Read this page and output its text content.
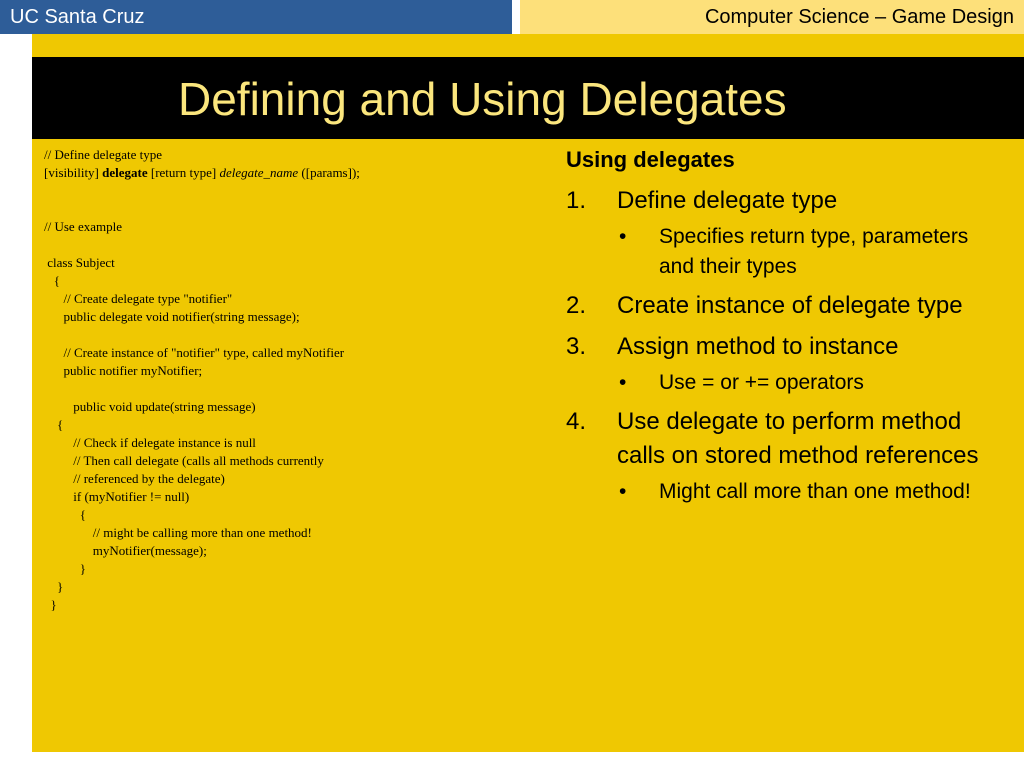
UC Santa Cruz	Computer Science – Game Design
Defining and Using Delegates
// Define delegate type
[visibility] delegate [return type] delegate_name ([params]);
// Use example
class Subject
{
// Create delegate type "notifier"
public delegate void notifier(string message);
// Create instance of "notifier" type, called myNotifier
public notifier myNotifier;
public void update(string message)
{
// Check if delegate instance is null
// Then call delegate (calls all methods currently
// referenced by the delegate)
if (myNotifier != null)
{
// might be calling more than one method!
myNotifier(message);
}
}
}
Using delegates
1. Define delegate type
• Specifies return type, parameters and their types
2. Create instance of delegate type
3. Assign method to instance
• Use = or += operators
4. Use delegate to perform method calls on stored method references
• Might call more than one method!
